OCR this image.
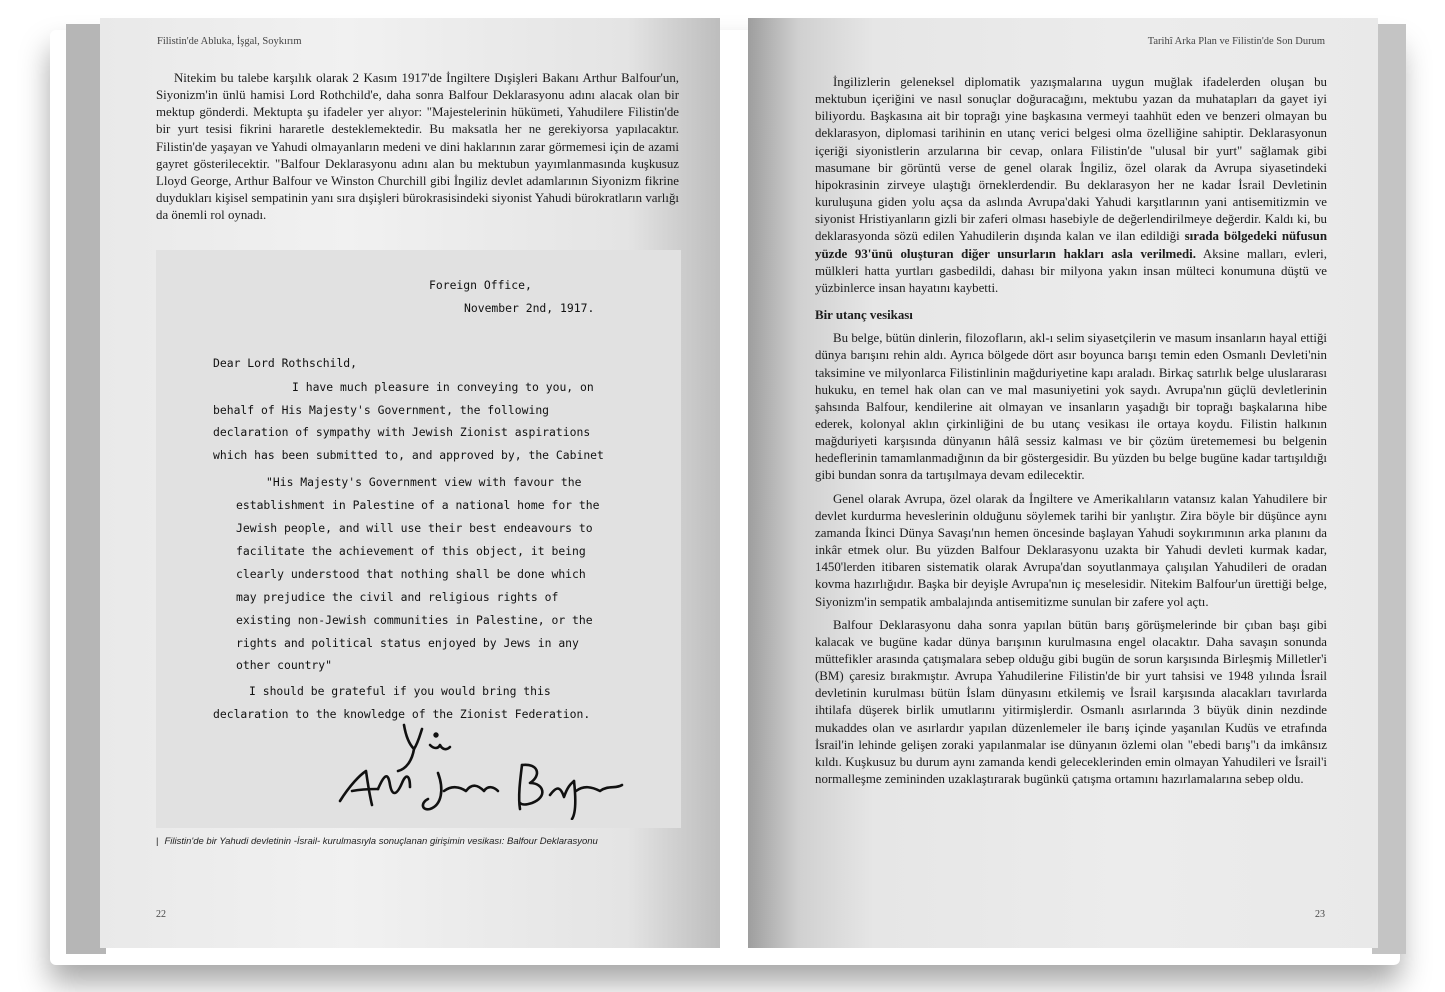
Filistin'de Abluka, İşgal, Soykırım

Nitekim bu talebe karşılık olarak 2 Kasım 1917'de İngiltere Dışişleri Bakanı Arthur Balfour'un, Siyonizm'in ünlü hamisi Lord Rothchild'e, daha sonra Balfour Deklarasyonu adını alacak olan bir mektup gönderdi. Mektupta şu ifadeler yer alıyor: "Majestelerinin hükümeti, Yahudilere Filistin'de bir yurt tesisi fikrini hararetle desteklemektedir. Bu maksatla her ne gerekiyorsa yapılacaktır. Filistin'de yaşayan ve Yahudi olmayanların medeni ve dini haklarının zarar görmemesi için de azami gayret gösterilecektir. "Balfour Deklarasyonu adını alan bu mektubun yayımlanmasında kuşkusuz Lloyd George, Arthur Balfour ve Winston Churchill gibi İngiliz devlet adamlarının Siyonizm fikrine duydukları kişisel sempatinin yanı sıra dışişleri bürokrasisindeki siyonist Yahudi bürokratların varlığı da önemli rol oynadı.

Foreign Office,
November 2nd, 1917.
Dear Lord Rothschild,
I have much pleasure in conveying to you, on
behalf of His Majesty's Government, the following
declaration of sympathy with Jewish Zionist aspirations
which has been submitted to, and approved by, the Cabinet
"His Majesty's Government view with favour the
establishment in Palestine of a national home for the
Jewish people, and will use their best endeavours to
facilitate the achievement of this object, it being
clearly understood that nothing shall be done which
may prejudice the civil and religious rights of
existing non-Jewish communities in Palestine, or the
rights and political status enjoyed by Jews in any
other country"
I should be grateful if you would bring this
declaration to the knowledge of the Zionist Federation.
| Filistin'de bir Yahudi devletinin -İsrail- kurulmasıyla sonuçlanan girişimin vesikası: Balfour Deklarasyonu
22
Tarihî Arka Plan ve Filistin'de Son Durum

İngilizlerin geleneksel diplomatik yazışmalarına uygun muğlak ifadelerden oluşan bu mektubun içeriğini ve nasıl sonuçlar doğuracağını, mektubu yazan da muhatapları da gayet iyi biliyordu. Başkasına ait bir toprağı yine başkasına vermeyi taahhüt eden ve benzeri olmayan bu deklarasyon, diplomasi tarihinin en utanç verici belgesi olma özelliğine sahiptir. Deklarasyonun içeriği siyonistlerin arzularına bir cevap, onlara Filistin'de "ulusal bir yurt" sağlamak gibi masumane bir görüntü verse de genel olarak İngiliz, özel olarak da Avrupa siyasetindeki hipokrasinin zirveye ulaştığı örneklerdendir. Bu deklarasyon her ne kadar İsrail Devletinin kuruluşuna giden yolu açsa da aslında Avrupa'daki Yahudi karşıtlarının yani antisemitizmin ve siyonist Hristiyanların gizli bir zaferi olması hasebiyle de değerlendirilmeye değerdir. Kaldı ki, bu deklarasyonda sözü edilen Yahudilerin dışında kalan ve ilan edildiği sırada bölgedeki nüfusun yüzde 93'ünü oluşturan diğer unsurların hakları asla verilmedi. Aksine malları, evleri, mülkleri hatta yurtları gasbedildi, dahası bir milyona yakın insan mülteci konumuna düştü ve yüzbinlerce insan hayatını kaybetti.

Bir utanç vesikası

Bu belge, bütün dinlerin, filozofların, akl-ı selim siyasetçilerin ve masum insanların hayal ettiği dünya barışını rehin aldı. Ayrıca bölgede dört asır boyunca barışı temin eden Osmanlı Devleti'nin taksimine ve milyonlarca Filistinlinin mağduriyetine kapı araladı. Birkaç satırlık belge uluslararası hukuku, en temel hak olan can ve mal masuniyetini yok saydı. Avrupa'nın güçlü devletlerinin şahsında Balfour, kendilerine ait olmayan ve insanların yaşadığı bir toprağı başkalarına hibe ederek, kolonyal aklın çirkinliğini de bu utanç vesikası ile ortaya koydu. Filistin halkının mağduriyeti karşısında dünyanın hâlâ sessiz kalması ve bir çözüm üretememesi bu belgenin hedeflerinin tamamlanmadığının da bir göstergesidir. Bu yüzden bu belge bugüne kadar tartışıldığı gibi bundan sonra da tartışılmaya devam edilecektir.

Genel olarak Avrupa, özel olarak da İngiltere ve Amerikalıların vatansız kalan Yahudilere bir devlet kurdurma heveslerinin olduğunu söylemek tarihi bir yanlıştır. Zira böyle bir düşünce aynı zamanda İkinci Dünya Savaşı'nın hemen öncesinde başlayan Yahudi soykırımının arka planını da inkâr etmek olur. Bu yüzden Balfour Deklarasyonu uzakta bir Yahudi devleti kurmak kadar, 1450'lerden itibaren sistematik olarak Avrupa'dan soyutlanmaya çalışılan Yahudileri de oradan kovma hazırlığıdır. Başka bir deyişle Avrupa'nın iç meselesidir. Nitekim Balfour'un ürettiği belge, Siyonizm'in sempatik ambalajında antisemitizme sunulan bir zafere yol açtı.

Balfour Deklarasyonu daha sonra yapılan bütün barış görüşmelerinde bir çıban başı gibi kalacak ve bugüne kadar dünya barışının kurulmasına engel olacaktır. Daha savaşın sonunda müttefikler arasında çatışmalara sebep olduğu gibi bugün de sorun karşısında Birleşmiş Milletler'i (BM) çaresiz bırakmıştır. Avrupa Yahudilerine Filistin'de bir yurt tahsisi ve 1948 yılında İsrail devletinin kurulması bütün İslam dünyasını etkilemiş ve İsrail karşısında alacakları tavırlarda ihtilafa düşerek birlik umutlarını yitirmişlerdir. Osmanlı asırlarında 3 büyük dinin nezdinde mukaddes olan ve asırlardır yapılan düzenlemeler ile barış içinde yaşanılan Kudüs ve etrafında İsrail'in lehinde gelişen zoraki yapılanmalar ise dünyanın özlemi olan "ebedi barış"ı da imkânsız kıldı. Kuşkusuz bu durum aynı zamanda kendi geleceklerinden emin olmayan Yahudileri ve İsrail'i normalleşme zemininden uzaklaştırarak bugünkü çatışma ortamını hazırlamalarına sebep oldu.

23
